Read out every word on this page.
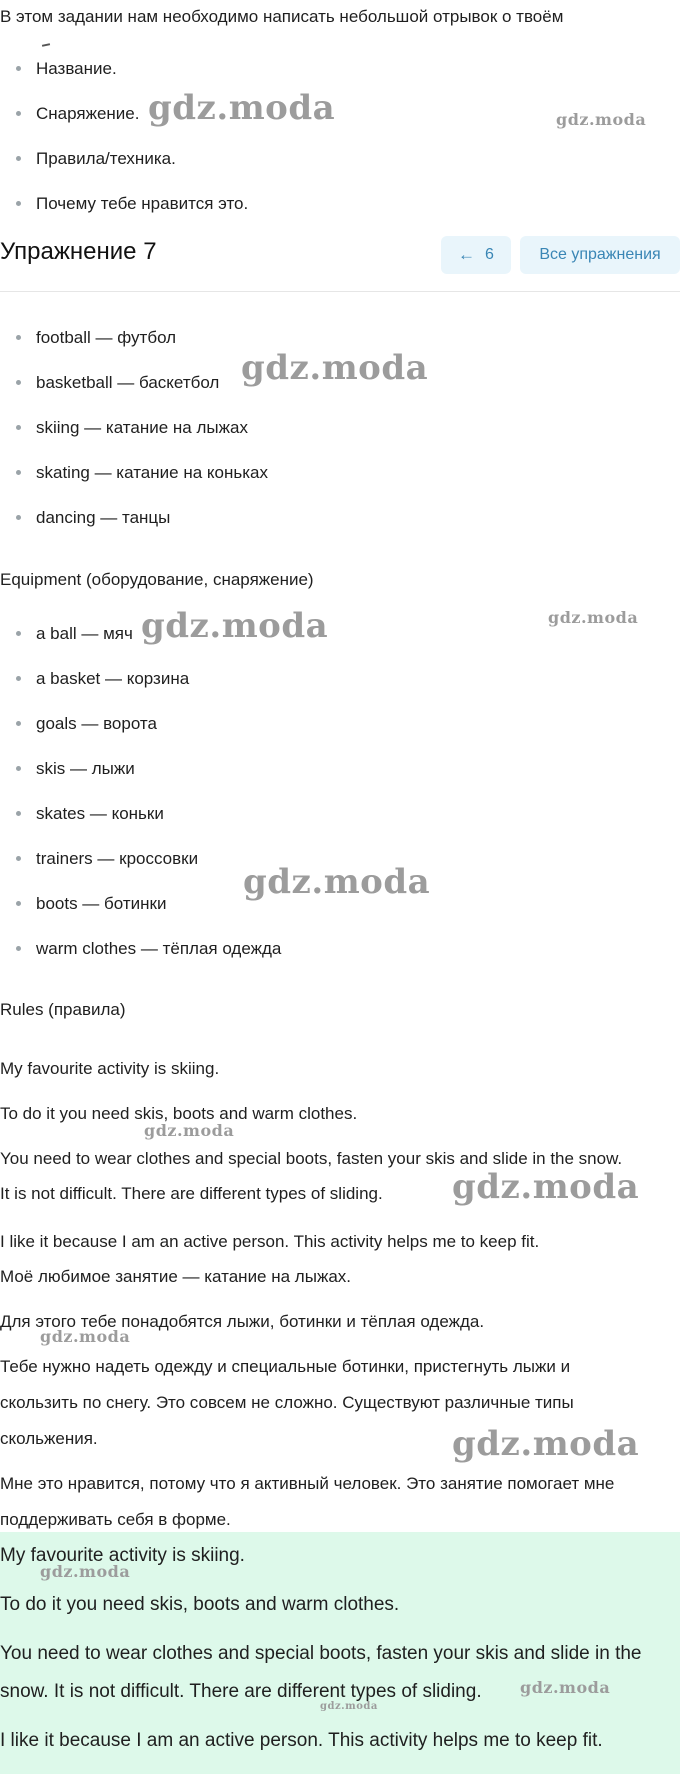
В этом задании нам необходимо написать небольшой отрывок о твоём

Название.
Снаряжение.
Правила/техника.
Почему тебе нравится это.
Упражнение 7	← 6	Все упражнения
football — футбол
basketball — баскетбол
skiing — катание на лыжах
skating — катание на коньках
dancing — танцы

Equipment (оборудование, снаряжение)

a ball — мяч
a basket — корзина
goals — ворота
skis — лыжи
skates — коньки
trainers — кроссовки
boots — ботинки
warm clothes — тёплая одежда

Rules (правила)

My favourite activity is skiing.

To do it you need skis, boots and warm clothes.

You need to wear clothes and special boots, fasten your skis and slide in the snow.

It is not difficult. There are different types of sliding.

I like it because I am an active person. This activity helps me to keep fit.

Моё любимое занятие — катание на лыжах.

Для этого тебе понадобятся лыжи, ботинки и тёплая одежда.

Тебе нужно надеть одежду и специальные ботинки, пристегнуть лыжи и

скользить по снегу. Это совсем не сложно. Существуют различные типы

скольжения.

Мне это нравится, потому что я активный человек. Это занятие помогает мне

поддерживать себя в форме.

My favourite activity is skiing.

To do it you need skis, boots and warm clothes.

You need to wear clothes and special boots, fasten your skis and slide in the

snow. It is not difficult. There are different types of sliding.

I like it because I am an active person. This activity helps me to keep fit.

gdz.moda	gdz.moda
gdz.moda
gdz.moda	gdz.moda
gdz.moda
gdz.moda
gdz.moda
gdz.moda
gdz.moda
gdz.moda
gdz.moda
gdz.moda
